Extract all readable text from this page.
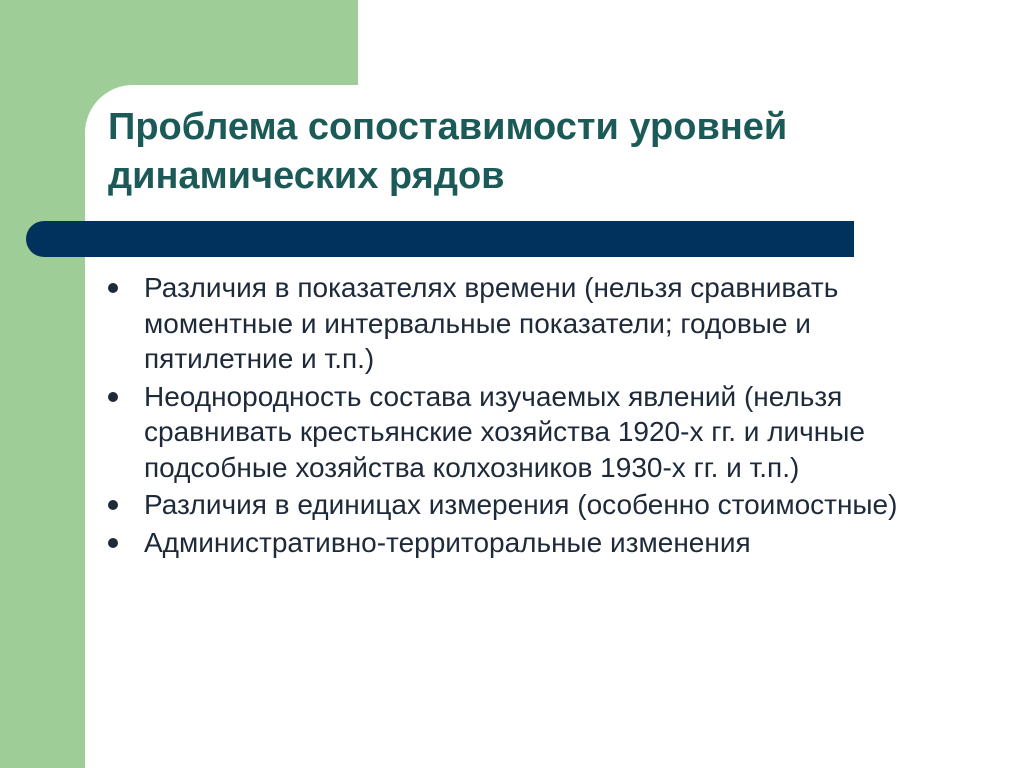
Проблема сопоставимости уровней
динамических рядов
Различия в показателях времени (нельзя сравнивать моментные и интервальные показатели; годовые и пятилетние и т.п.)
Неоднородность состава изучаемых явлений (нельзя сравнивать крестьянские хозяйства 1920-х гг. и личные подсобные хозяйства колхозников 1930-х гг. и т.п.)
Различия в единицах измерения (особенно стоимостные)
Административно-территоральные изменения
